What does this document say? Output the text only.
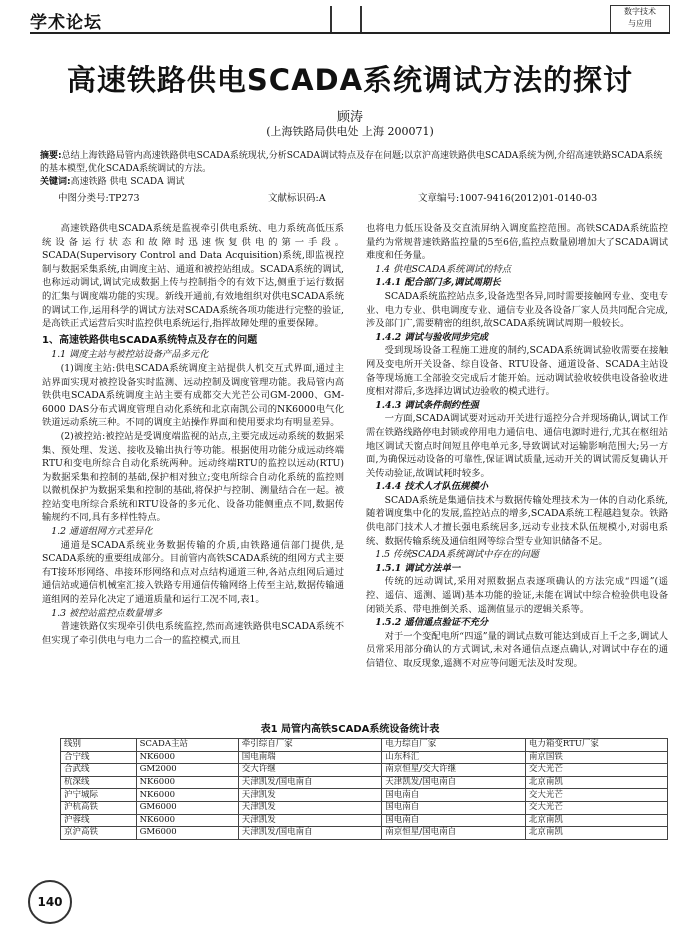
学术论坛
数字技术
与应用
高速铁路供电SCADA系统调试方法的探讨
顾涛
(上海铁路局供电处 上海 200071)
摘要:总结上海铁路局管内高速铁路供电SCADA系统现状,分析SCADA调试特点及存在问题;以京沪高速铁路供电SCADA系统为例,介绍高速铁路SCADA系统的基本模型,优化SCADA系统调试的方法。
关键词:高速铁路 供电 SCADA 调试
中图分类号:TP273	文献标识码:A	文章编号:1007-9416(2012)01-0140-03

高速铁路供电SCADA系统是监视牵引供电系统、电力系统高低压系统设备运行状态和故障时迅速恢复供电的第一手段。SCADA(Supervisory Control and Data Acquisition)系统,即监视控制与数据采集系统,由调度主站、通道和被控站组成。SCADA系统的调试,也称远动调试,调试完成数据上传与控制指令的有效下达,侧重于运行数据的汇集与调度端功能的实现。新线开通前,有效地组织对供电SCADA系统的调试工作,运用科学的调试方法对SCADA系统各项功能进行完整的验证,是高铁正式运营后实时监控供电系统运行,指挥故障处理的重要保障。

1、高速铁路供电SCADA系统特点及存在的问题

1.1 调度主站与被控站设备产品多元化

(1)调度主站:供电SCADA系统调度主站提供人机交互式界面,通过主站界面实现对被控设备实时监测、远动控制及调度管理功能。我局管内高铁供电SCADA系统调度主站主要有成都交大光芒公司GM-2000、GM-6000 DAS分布式调度管理自动化系统和北京南凯公司的NK6000电气化铁道远动系统三种。不同的调度主站操作界面和使用要求均有明显差异。

(2)被控站:被控站是受调度端监视的站点,主要完成远动系统的数据采集、预处理、发送、接收及输出执行等功能。根据使用功能分成远动终端RTU和变电所综合自动化系统两种。远动终端RTU的监控以远动(RTU)为数据采集和控制的基础,保护相对独立;变电所综合自动化系统的监控则以微机保护为数据采集和控制的基础,将保护与控制、测量结合在一起。被控站变电所综合系统和RTU设备的多元化、设备功能侧重点不同,数据传输规约不同,具有多样性特点。

1.2 通道组网方式差异化

通道是SCADA系统业务数据传输的介质,由铁路通信部门提供,是SCADA系统的重要组成部分。目前管内高铁SCADA系统的组网方式主要有T接环形网络、串接环形网络和点对点结构通道三种,各站点组网后通过通信站或通信机械室汇接入铁路专用通信传输网络上传至主站,数据传输通道组网的差异化决定了通道质量和运行工况不同,表1。

1.3 被控站监控点数量增多

普速铁路仅实现牵引供电系统监控,然而高速铁路供电SCADA系统不但实现了牵引供电与电力二合一的监控模式,而且

也将电力低压设备及交直流屏纳入调度监控范围。高铁SCADA系统监控量约为常规普速铁路监控量的5至6倍,监控点数量剧增加大了SCADA调试难度和任务量。

1.4 供电SCADA系统调试的特点

1.4.1 配合部门多,调试周期长

SCADA系统监控站点多,设备选型各异,同时需要接触网专业、变电专业、电力专业、供电调度专业、通信专业及各设备厂家人员共同配合完成,涉及部门广,需要精密的组织,故SCADA系统调试周期一般较长。

1.4.2 调试与验收同步完成

受到现场设备工程施工进度的制约,SCADA系统调试验收需要在接触网及变电所开关设备、综自设备、RTU设备、通道设备、SCADA主站设备等现场施工全部验交完成后才能开始。远动调试验收较供电设备验收进度相对滞后,多选择边调试边验收的模式进行。

1.4.3 调试条件制约性强

一方面,SCADA调试要对远动开关进行遥控分合并现场确认,调试工作需在铁路线路停电封锁或停用电力通信电、通信电源时进行,尤其在枢纽站地区调试天窗点时间短且停电单元多,导致调试对运输影响范围大;另一方面,为确保远动设备的可靠性,保证调试质量,远动开关的调试需反复确认开关传动验证,故调试耗时较多。

1.4.4 技术人才队伍规模小

SCADA系统是集通信技术与数据传输处理技术为一体的自动化系统,随着调度集中化的发展,监控站点的增多,SCADA系统工程越趋复杂。铁路供电部门技术人才擅长强电系统居多,远动专业技术队伍规模小,对弱电系统、数据传输系统及通信组网等综合型专业知识储备不足。

1.5 传统SCADA系统调试中存在的问题

1.5.1 调试方法单一

传统的远动调试,采用对照数据点表逐项确认的方法完成“四遥”(遥控、遥信、遥测、遥调)基本功能的验证,未能在调试中综合检验供电设备闭锁关系、带电推倒关系、遥测值显示的逻辑关系等。

1.5.2 遥信遥点验证不充分

对于一个变配电所“四遥”量的调试点数可能达到成百上千之多,调试人员常采用部分确认的方式调试,未对各通信点逐点确认,对调试中存在的通信错位、取反现象,遥测不对应等问题无法及时发现。

表1 局管内高铁SCADA系统设备统计表
线别	SCADA主站	牵引综自厂家	电力综自厂家	电力箱变RTU厂家
合宁线	NK6000	国电南瑞	山东科汇	南京国铁
合武线	GM2000	交大许继	南京恒星/交大许继	交大光芒
杭深线	NK6000	天津凯发/国电南自	天津凯发/国电南自	北京南凯
沪宁城际	NK6000	天津凯发	国电南自	交大光芒
沪杭高铁	GM6000	天津凯发	国电南自	交大光芒
沪蓉线	NK6000	天津凯发	国电南自	北京南凯
京沪高铁	GM6000	天津凯发/国电南自	南京恒星/国电南自	北京南凯
140
